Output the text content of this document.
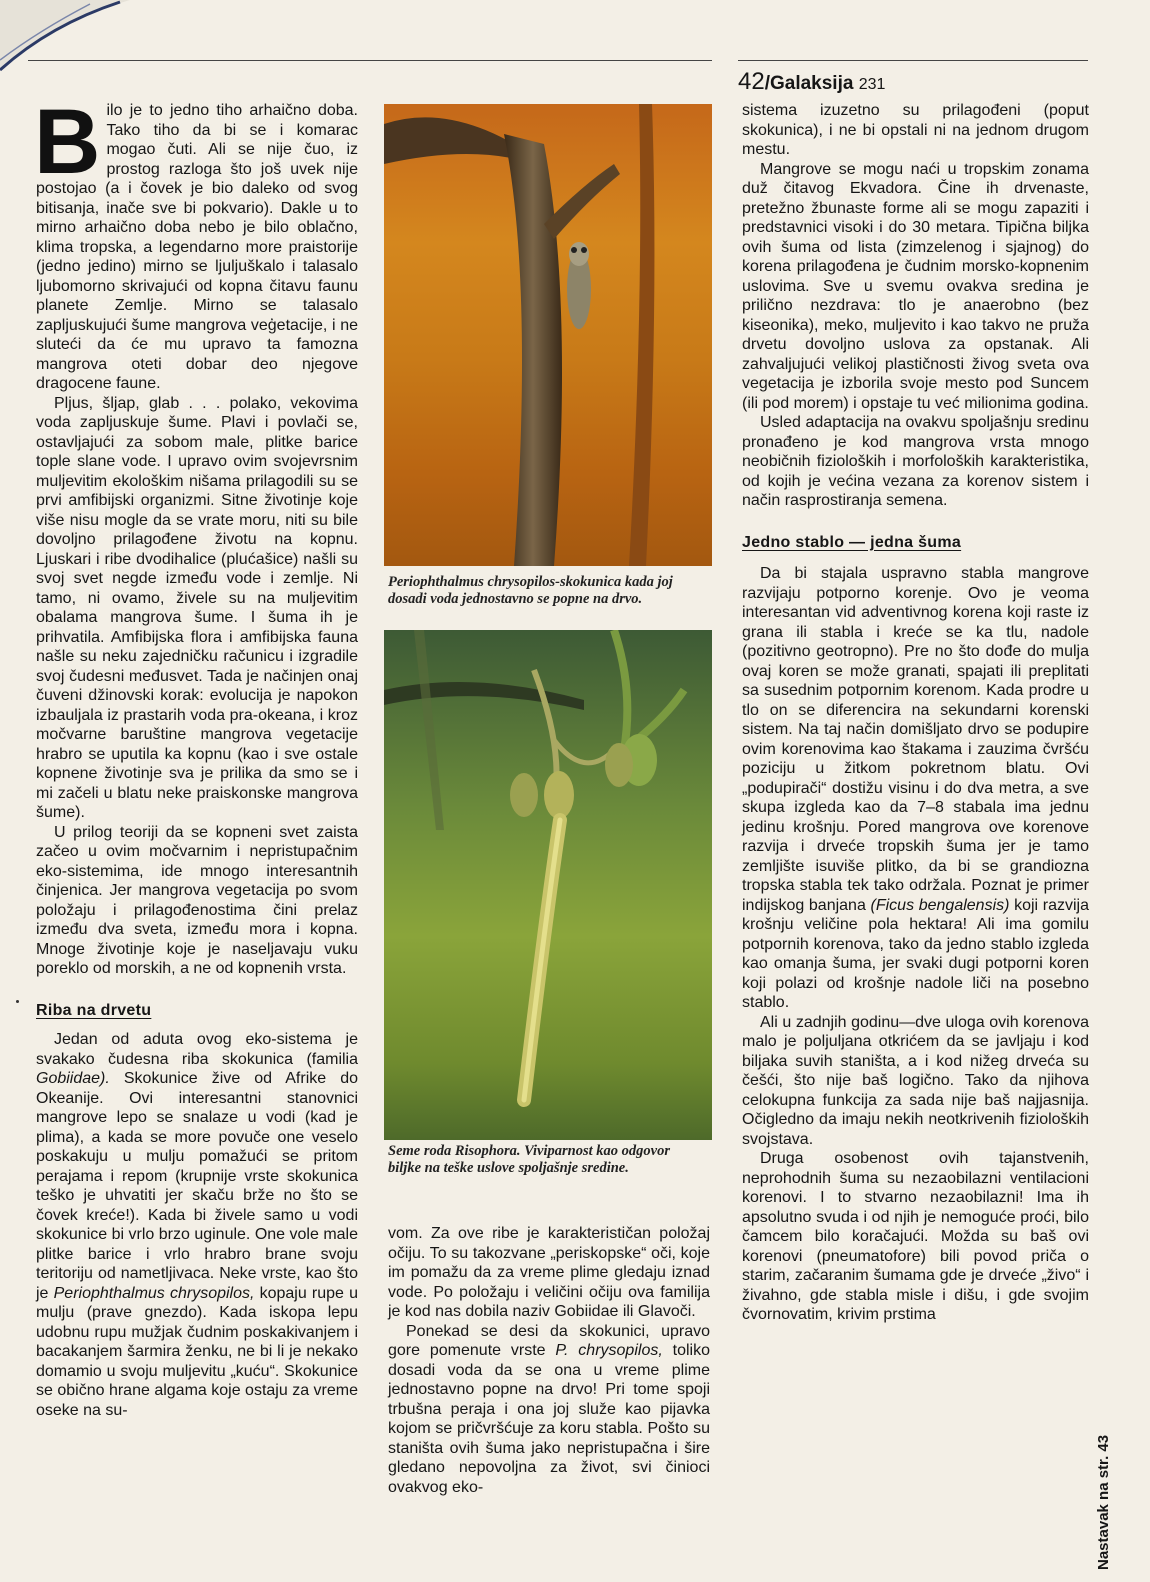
42/Galaksija 231

Bilo je to jedno tiho arhaično doba. Tako tiho da bi se i komarac mogao čuti. Ali se nije čuo, iz prostog razloga što još uvek nije postojao (a i čovek je bio daleko od svog bitisanja, inače sve bi pokvario). Dakle u to mirno arhaično doba nebo je bilo oblačno, klima tropska, a legendarno more praistorije (jedno jedino) mirno se ljuljuškalo i talasalo ljubomorno skrivajući od kopna čitavu faunu planete Zemlje. Mirno se talasalo zapljuskujući šume mangrova veģetacije, i ne sluteći da će mu upravo ta famozna mangrova oteti dobar deo njegove dragocene faune.

Pljus, šljap, glab . . . polako, vekovima voda zapljuskuje šume. Plavi i povlači se, ostavljajući za sobom male, plitke barice tople slane vode. I upravo ovim svojevrsnim muljevitim ekološkim nišama prilagodili su se prvi amfibijski organizmi. Sitne životinje koje više nisu mogle da se vrate moru, niti su bile dovoljno prilagođene životu na kopnu. Ljuskari i ribe dvodihalice (plućašice) našli su svoj svet negde između vode i zemlje. Ni tamo, ni ovamo, živele su na muljevitim obalama mangrova šume. I šuma ih je prihvatila. Amfibijska flora i amfibijska fauna našle su neku zajedničku računicu i izgradile svoj čudesni međusvet. Tada je načinjen onaj čuveni džinovski korak: evolucija je napokon izbauljala iz prastarih voda pra-okeana, i kroz močvarne bаruštine mangrova vegetacije hrabro se uputila ka kopnu (kao i sve ostale kopnene životinje sva je prilika da smo se i mi začeli u blatu neke praiskonske mangrova šume).

U prilog teoriji da se kopneni svet zaista začeo u ovim močvarnim i nepristupačnim eko-sistemima, ide mnogo interesantnih činjenica. Jer mangrova vegetacija po svom položaju i prilagođenostima čini prelaz između dva sveta, između mora i kopna. Mnoge životinje koje je naseljavaju vuku poreklo od morskih, a ne od kopnenih vrsta.

Riba na drvetu

Jedan od aduta ovog eko-sistema je svakako čudesna riba skokunica (familia Gobiidae). Skokunice žive od Afrike do Okeanije. Ovi interesantni stanovnici mangrove lepo se snalaze u vodi (kad je plima), a kada se more povuče one veselo poskakuju u mulju pomažući se pritom perajama i repom (krupnije vrste skokunica teško je uhvatiti jer skaču brže no što se čovek kreće!). Kada bi živele samo u vodi skokunice bi vrlo brzo uginule. One vole male plitke barice i vrlo hrabro brane svoju teritoriju od nametljivaca. Neke vrste, kao što je Periophthalmus chrysopilos, kopaju rupe u mulju (prave gnezdo). Kada iskopa lepu udobnu rupu mužjak čudnim poskakivanjem i bacakanjem šarmira ženku, ne bi li je nekako domamio u svoju muljevitu „kuću“. Skokunice se obično hrane algama koje ostaju za vreme oseke na su-

Periophthalmus chrysopilos-skokunica kada joj dosadi voda jednostavno se popne na drvo.
Seme roda Risophora. Viviparnost kao odgovor biljke na teške uslove spoljašnje sredine.

vom. Za ove ribe je karakterističan položaj očiju. To su takozvane „periskopske“ oči, koje im pomažu da za vreme plime gledaju iznad vode. Po položaju i veličini očiju ova familija je kod nas dobila naziv Gobiidae ili Glavoči.

Ponekad se desi da skokunici, upravo gore pomenute vrste P. chrysopilos, toliko dosadi voda da se ona u vreme plime jednostavno popne na drvo! Pri tome spoji trbušna peraja i ona joj služe kao pijavka kojom se pričvršćuje za koru stabla. Pošto su staništa ovih šuma jako nepristupačna i šire gledano nepovoljna za život, svi činioci ovakvog eko-

sistema izuzetno su prilagođeni (poput skokunica), i ne bi opstali ni na jednom drugom mestu.

Mangrove se mogu naći u tropskim zonama duž čitavog Ekvadora. Čine ih drvenaste, pretežno žbunaste forme ali se mogu zapaziti i predstavnici visoki i do 30 metara. Tipična biljka ovih šuma od lista (zimzelenog i sjajnog) do korena prilagođena je čudnim morsko-kopnenim uslovima. Sve u svemu ovakva sredina je prilično nezdrava: tlo je anaerobno (bez kiseonika), meko, muljevito i kao takvo ne pruža drvetu dovoljno uslova za opstanak. Ali zahvaljujući velikoj plastičnosti živog sveta ova vegetacija je izborila svoje mesto pod Suncem (ili pod morem) i opstaje tu već milionima godina.

Usled adaptacija na ovakvu spoljašnju sredinu pronađeno je kod mangrova vrsta mnogo neobičnih fizioloških i morfoloških karakteristika, od kojih je većina vezana za korenov sistem i način rasprostiranja semena.

Jedno stablo — jedna šuma

Da bi stajala uspravno stabla mangrove razvijaju potporno korenje. Ovo je veoma interesantan vid adventivnog korena koji raste iz grana ili stabla i kreće se ka tlu, nadole (pozitivno geotropno). Pre no što dođe do mulja ovaj koren se može granati, spajati ili preplitati sa susednim potpornim korenom. Kada prodre u tlo on se diferencira na sekundarni korenski sistem. Na taj način domišljato drvo se podupire ovim korenovima kao štakama i zauzima čvršću poziciju u žitkom pokretnom blatu. Ovi „podupirači“ dostižu visinu i do dva metra, a sve skupa izgleda kao da 7–8 stabala ima jednu jedinu krošnju. Pored mangrova ove korenove razvija i drveće tropskih šuma jer je tamo zemljište isuviše plitko, da bi se grandiozna tropska stabla tek tako održala. Poznat je primer indijskog banjana (Ficus bengalensis) koji razvija krošnju veličine pola hektara! Ali ima gomilu potpornih korenova, tako da jedno stablo izgleda kao omanja šuma, jer svaki dugi potporni koren koji polazi od krošnje nadole liči na posebno stablo.

Ali u zadnjih godinu—dve uloga ovih korenova malo je poljuljana otkrićem da se javljaju i kod biljaka suvih staništa, a i kod nižeg drveća su češći, što nije baš logično. Tako da njihova celokupna funkcija za sada nije baš najjasnija. Očigledno da imaju nekih neotkrivenih fizioloških svojstava.

Druga osobenost ovih tajanstvenih, neprohodnih šuma su nezaobilazni ventilacioni korenovi. I to stvarno nezaobilazni! Ima ih apsolutno svuda i od njih je nemoguće proći, bilo čamcem bilo koračajući. Možda su baš ovi korenovi (pneumatofore) bili povod priča o starim, začaranim šumama gde je drveće „živo“ i živahno, gde stabla misle i dišu, i gde svojim čvornovatim, krivim prstima

Nastavak na str. 43
